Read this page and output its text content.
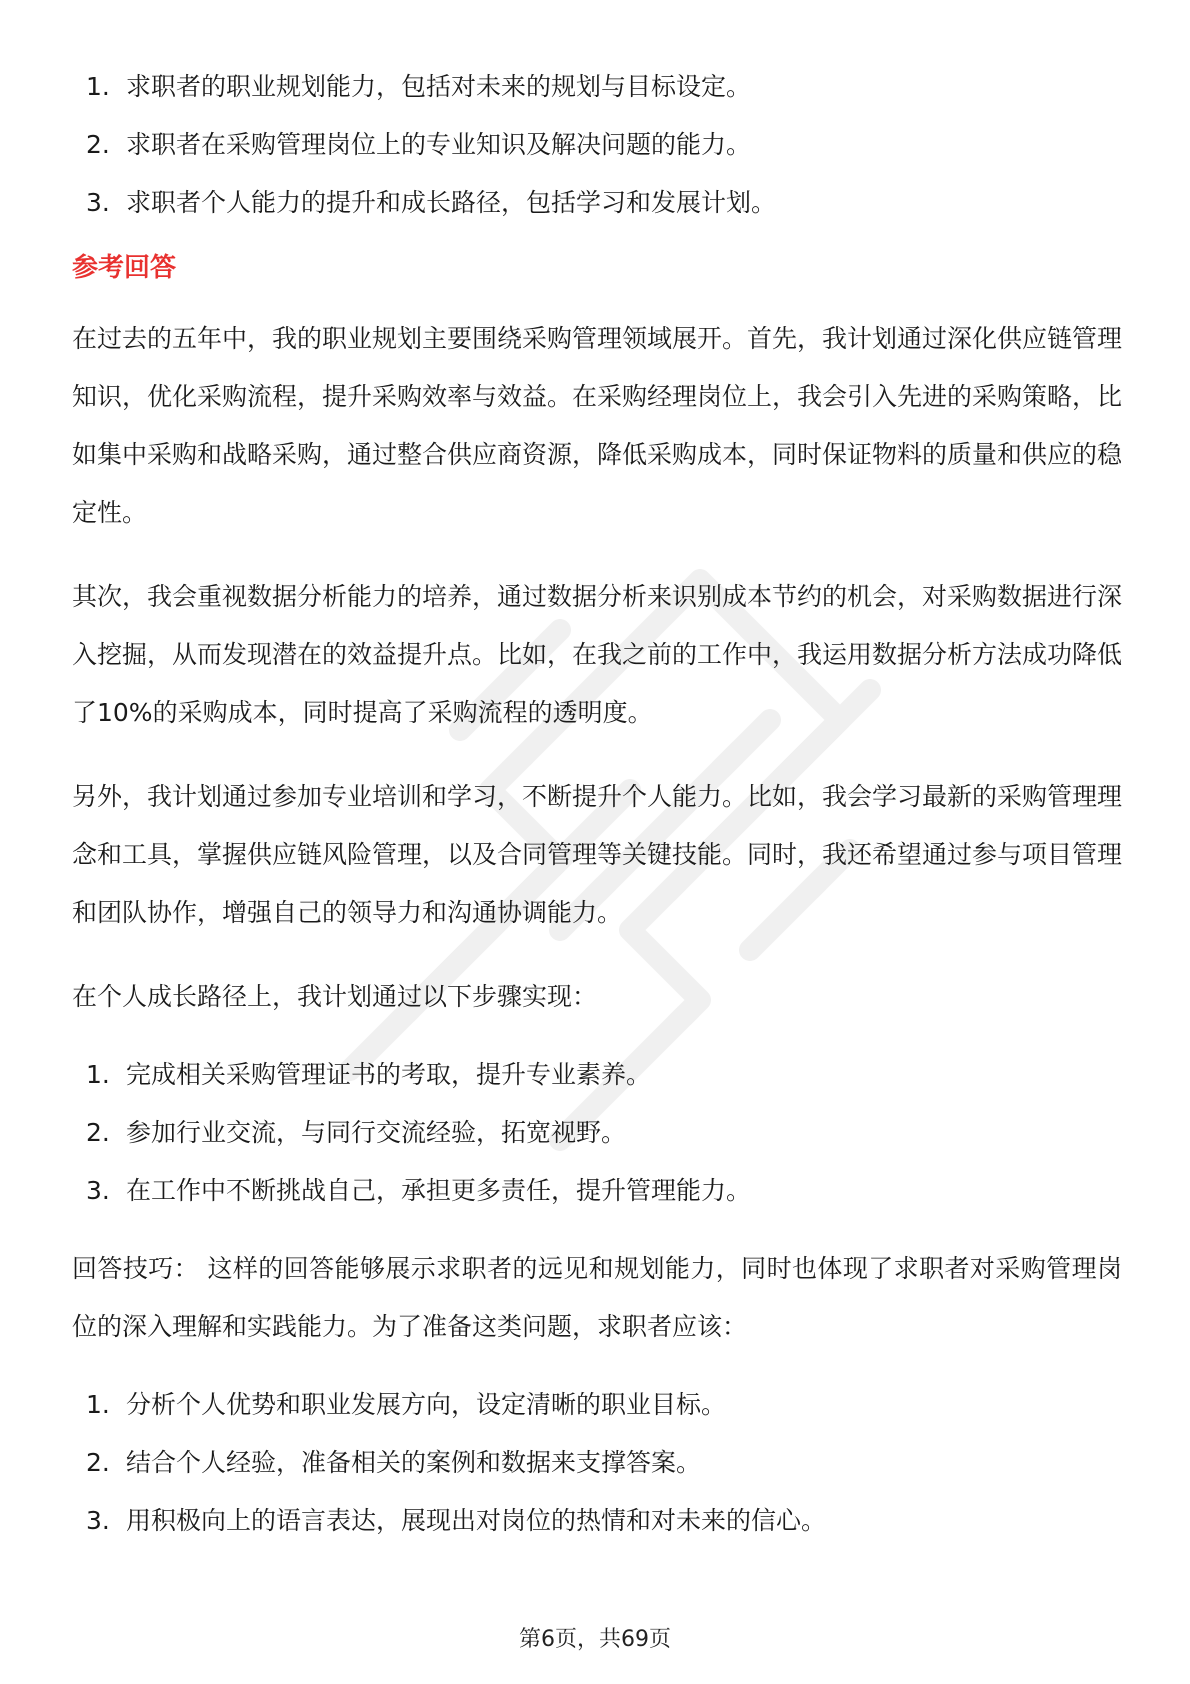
1. 求职者的职业规划能力，包括对未来的规划与目标设定。
2. 求职者在采购管理岗位上的专业知识及解决问题的能力。
3. 求职者个人能力的提升和成长路径，包括学习和发展计划。
参考回答

在过去的五年中，我的职业规划主要围绕采购管理领域展开。首先，我计划通过深化供应链管理知识，优化采购流程，提升采购效率与效益。在采购经理岗位上，我会引入先进的采购策略，比如集中采购和战略采购，通过整合供应商资源，降低采购成本，同时保证物料的质量和供应的稳定性。

其次，我会重视数据分析能力的培养，通过数据分析来识别成本节约的机会，对采购数据进行深入挖掘，从而发现潜在的效益提升点。比如，在我之前的工作中，我运用数据分析方法成功降低了10%的采购成本，同时提高了采购流程的透明度。

另外，我计划通过参加专业培训和学习，不断提升个人能力。比如，我会学习最新的采购管理理念和工具，掌握供应链风险管理，以及合同管理等关键技能。同时，我还希望通过参与项目管理和团队协作，增强自己的领导力和沟通协调能力。

在个人成长路径上，我计划通过以下步骤实现：

1. 完成相关采购管理证书的考取，提升专业素养。
2. 参加行业交流，与同行交流经验，拓宽视野。
3. 在工作中不断挑战自己，承担更多责任，提升管理能力。

回答技巧： 这样的回答能够展示求职者的远见和规划能力，同时也体现了求职者对采购管理岗位的深入理解和实践能力。为了准备这类问题，求职者应该：

1. 分析个人优势和职业发展方向，设定清晰的职业目标。
2. 结合个人经验，准备相关的案例和数据来支撑答案。
3. 用积极向上的语言表达，展现出对岗位的热情和对未来的信心。
第6页，共69页
